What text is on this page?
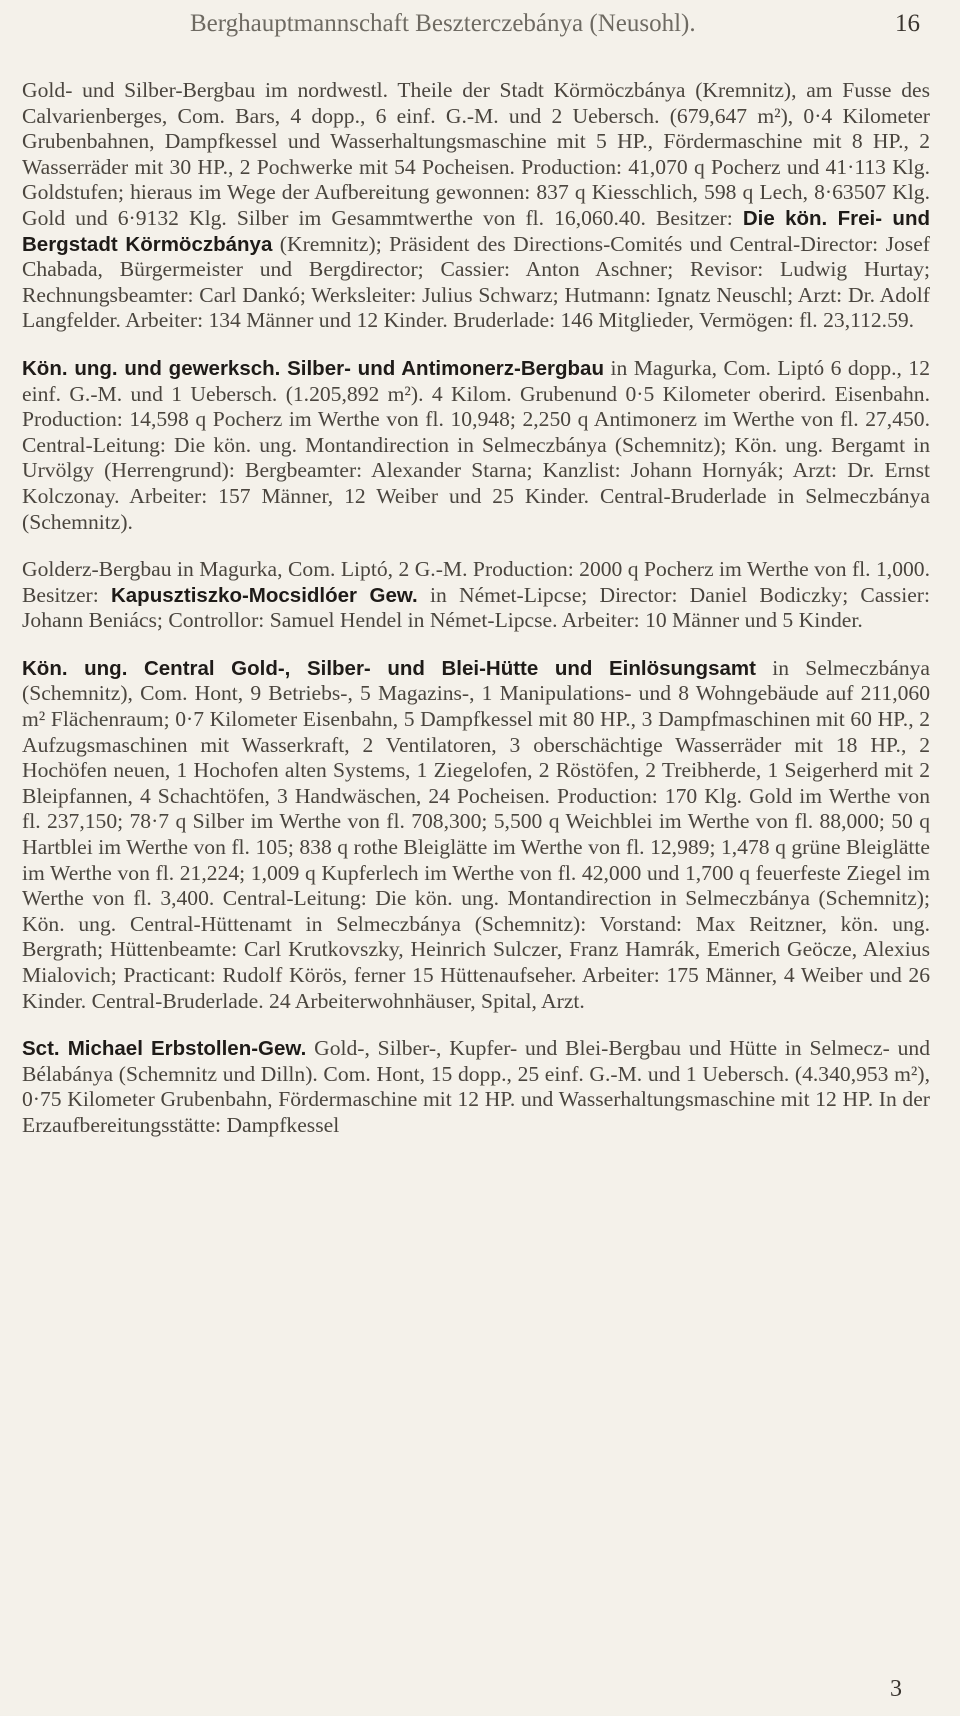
Berghauptmannschaft Beszterczebánya (Neusohl).	16

Gold- und Silber-Bergbau im nordwestl. Theile der Stadt Körmöczbánya (Kremnitz), am Fusse des Calvarienberges, Com. Bars, 4 dopp., 6 einf. G.-M. und 2 Uebersch. (679,647 m²), 0·4 Kilometer Grubenbahnen, Dampfkessel und Wasserhaltungsmaschine mit 5 HP., Fördermaschine mit 8 HP., 2 Wasserräder mit 30 HP., 2 Pochwerke mit 54 Pocheisen. Production: 41,070 q Pocherz und 41·113 Klg. Goldstufen; hieraus im Wege der Aufbereitung gewonnen: 837 q Kiesschlich, 598 q Lech, 8·63507 Klg. Gold und 6·9132 Klg. Silber im Gesammtwerthe von fl. 16,060.40. Besitzer: Die kön. Frei- und Bergstadt Körmöczbánya (Kremnitz); Präsident des Directions-Comités und Central-Director: Josef Chabada, Bürgermeister und Bergdirector; Cassier: Anton Aschner; Revisor: Ludwig Hurtay; Rechnungsbeamter: Carl Dankó; Werksleiter: Julius Schwarz; Hutmann: Ignatz Neuschl; Arzt: Dr. Adolf Langfelder. Arbeiter: 134 Männer und 12 Kinder. Bruderlade: 146 Mitglieder, Vermögen: fl. 23,112.59.

Kön. ung. und gewerksch. Silber- und Antimonerz-Bergbau in Magurka, Com. Liptó 6 dopp., 12 einf. G.-M. und 1 Uebersch. (1.205,892 m²). 4 Kilom. Grubenund 0·5 Kilometer oberird. Eisenbahn. Production: 14,598 q Pocherz im Werthe von fl. 10,948; 2,250 q Antimonerz im Werthe von fl. 27,450. Central-Leitung: Die kön. ung. Montandirection in Selmeczbánya (Schemnitz); Kön. ung. Bergamt in Urvölgy (Herrengrund): Bergbeamter: Alexander Starna; Kanzlist: Johann Hornyák; Arzt: Dr. Ernst Kolczonay. Arbeiter: 157 Männer, 12 Weiber und 25 Kinder. Central-Bruderlade in Selmeczbánya (Schemnitz).

Golderz-Bergbau in Magurka, Com. Liptó, 2 G.-M. Production: 2000 q Pocherz im Werthe von fl. 1,000. Besitzer: Kapusztiszko-Mocsidlóer Gew. in Német-Lipcse; Director: Daniel Bodiczky; Cassier: Johann Beniács; Controllor: Samuel Hendel in Német-Lipcse. Arbeiter: 10 Männer und 5 Kinder.

Kön. ung. Central Gold-, Silber- und Blei-Hütte und Einlösungsamt in Selmeczbánya (Schemnitz), Com. Hont, 9 Betriebs-, 5 Magazins-, 1 Manipulations- und 8 Wohngebäude auf 211,060 m² Flächenraum; 0·7 Kilometer Eisenbahn, 5 Dampfkessel mit 80 HP., 3 Dampfmaschinen mit 60 HP., 2 Aufzugsmaschinen mit Wasserkraft, 2 Ventilatoren, 3 oberschächtige Wasserräder mit 18 HP., 2 Hochöfen neuen, 1 Hochofen alten Systems, 1 Ziegelofen, 2 Röstöfen, 2 Treibherde, 1 Seigerherd mit 2 Bleipfannen, 4 Schachtöfen, 3 Handwäschen, 24 Pocheisen. Production: 170 Klg. Gold im Werthe von fl. 237,150; 78·7 q Silber im Werthe von fl. 708,300; 5,500 q Weichblei im Werthe von fl. 88,000; 50 q Hartblei im Werthe von fl. 105; 838 q rothe Bleiglätte im Werthe von fl. 12,989; 1,478 q grüne Bleiglätte im Werthe von fl. 21,224; 1,009 q Kupferlech im Werthe von fl. 42,000 und 1,700 q feuerfeste Ziegel im Werthe von fl. 3,400. Central-Leitung: Die kön. ung. Montandirection in Selmeczbánya (Schemnitz); Kön. ung. Central-Hüttenamt in Selmeczbánya (Schemnitz): Vorstand: Max Reitzner, kön. ung. Bergrath; Hüttenbeamte: Carl Krutkovszky, Heinrich Sulczer, Franz Hamrák, Emerich Geöcze, Alexius Mialovich; Practicant: Rudolf Körös, ferner 15 Hüttenaufseher. Arbeiter: 175 Männer, 4 Weiber und 26 Kinder. Central-Bruderlade. 24 Arbeiterwohnhäuser, Spital, Arzt.

Sct. Michael Erbstollen-Gew. Gold-, Silber-, Kupfer- und Blei-Bergbau und Hütte in Selmecz- und Bélabánya (Schemnitz und Dilln). Com. Hont, 15 dopp., 25 einf. G.-M. und 1 Uebersch. (4.340,953 m²), 0·75 Kilometer Grubenbahn, Fördermaschine mit 12 HP. und Wasserhaltungsmaschine mit 12 HP. In der Erzaufbereitungsstätte: Dampfkessel

3
